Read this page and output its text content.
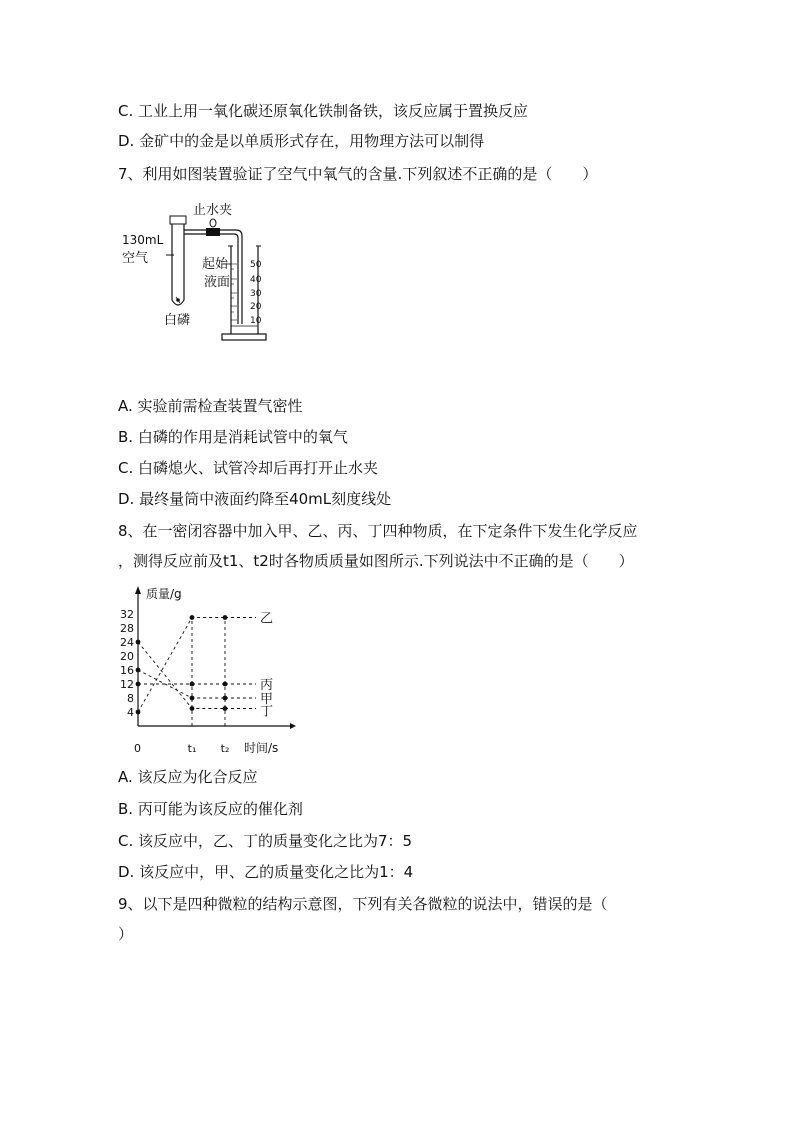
C. 工业上用一氧化碳还原氧化铁制备铁，该反应属于置换反应
D. 金矿中的金是以单质形式存在，用物理方法可以制得
7、利用如图装置验证了空气中氧气的含量.下列叙述不正确的是（　　）
50
40
30
20
10
止水夹
130mL
空气	起始
液面
白磷
A. 实验前需检查装置气密性
B. 白磷的作用是消耗试管中的氧气
C. 白磷熄火、试管冷却后再打开止水夹
D. 最终量筒中液面约降至40mL刻度线处
8、在一密闭容器中加入甲、乙、丙、丁四种物质，在下定条件下发生化学反应
，测得反应前及t1、t2时各物质质量如图所示.下列说法中不正确的是（　　）
质量/g
时间/s
0
4
8
12
16
20
24
28
32
t₁ t₂
乙
丙
甲
丁
A. 该反应为化合反应
B. 丙可能为该反应的催化剂
C. 该反应中，乙、丁的质量变化之比为7：5
D. 该反应中，甲、乙的质量变化之比为1：4
9、以下是四种微粒的结构示意图，下列有关各微粒的说法中，错误的是（
）
